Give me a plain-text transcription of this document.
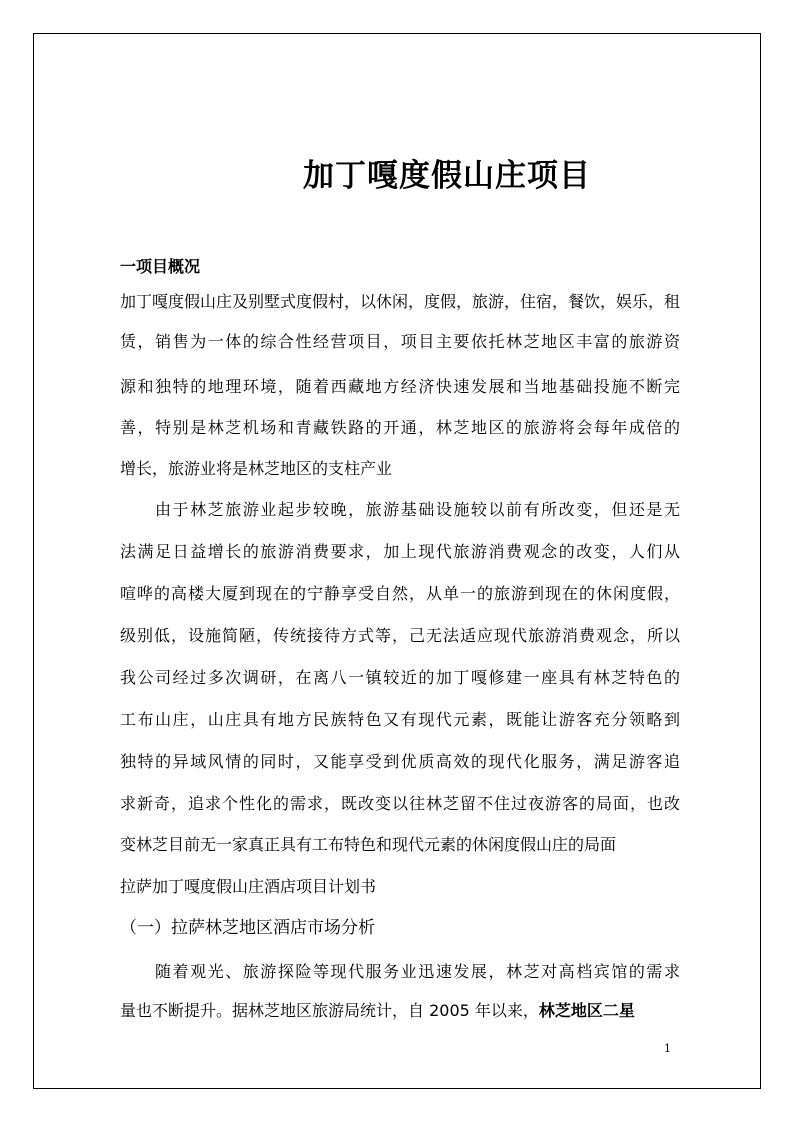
加丁嘎度假山庄项目
一项目概况
加丁嘎度假山庄及别墅式度假村，以休闲，度假，旅游，住宿，餐饮，娱乐，租
赁，销售为一体的综合性经营项目，项目主要依托林芝地区丰富的旅游资
源和独特的地理环境，随着西藏地方经济快速发展和当地基础投施不断完
善，特别是林芝机场和青藏铁路的开通，林芝地区的旅游将会每年成倍的
增长，旅游业将是林芝地区的支柱产业
由于林芝旅游业起步较晚，旅游基础设施较以前有所改变，但还是无
法满足日益增长的旅游消费要求，加上现代旅游消费观念的改变，人们从
喧哗的高楼大厦到现在的宁静享受自然，从单一的旅游到现在的休闲度假，
级别低，设施简陋，传统接待方式等，己无法适应现代旅游消费观念，所以
我公司经过多次调研，在离八一镇较近的加丁嘎修建一座具有林芝特色的
工布山庄，山庄具有地方民族特色又有现代元素，既能让游客充分领略到
独特的异域风情的同时，又能享受到优质高效的现代化服务，满足游客追
求新奇，追求个性化的需求，既改变以往林芝留不住过夜游客的局面，也改
变林芝目前无一家真正具有工布特色和现代元素的休闲度假山庄的局面
拉萨加丁嘎度假山庄酒店项目计划书
（一）拉萨林芝地区酒店市场分析
随着观光、旅游探险等现代服务业迅速发展，林芝对高档宾馆的需求
量也不断提升。据林芝地区旅游局统计，自 2005 年以来，林芝地区二星
1
